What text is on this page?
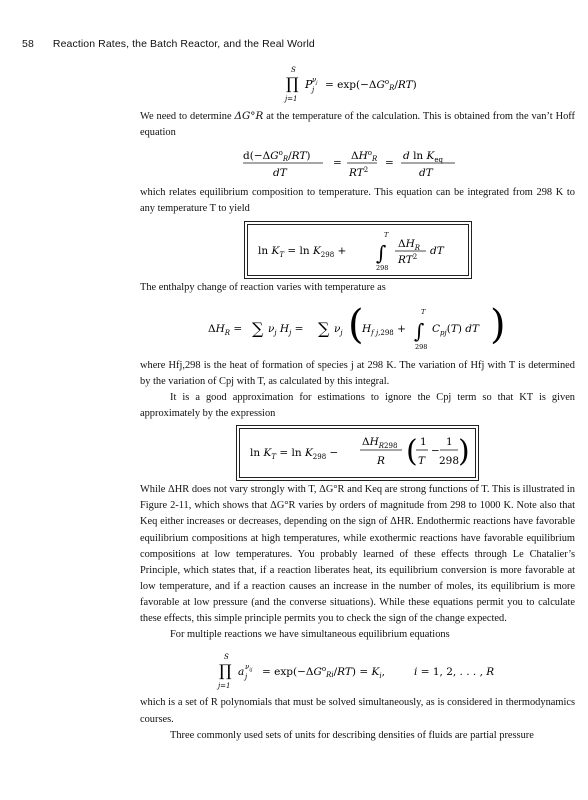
58 Reaction Rates, the Batch Reactor, and the Real World
S
∏
j=1
P ν j
$j = \exp(-\Delta G^o_R/RT)$

We need to determine ΔG°R at the temperature of the calculation. This is obtained from the van’t Hoff equation

$d(-\Delta G^o_R/RT)$
dT
=
$\Delta H^o_R$
$RT^2$
=
d $\ln K_{eq}$
dT

which relates equilibrium composition to temperature. This equation can be integrated from 298 K to any temperature T to yield

$\ln K_T = \ln K_{298}$ +
T
∫
298
$\Delta H_R$
$RT^2$ dT

The enthalpy change of reaction varies with temperature as

$\Delta H_R$ = ∑ $\nu_j$ $H_j$ = ∑ $\nu_j$ (
$H_{f j},298$ +
T
∫
298
$C_{pj}(T)$ dT )

where Hfj,298 is the heat of formation of species j at 298 K. The variation of Hfj with T is determined by the variation of Cpj with T, as calculated by this integral.

It is a good approximation for estimations to ignore the Cpj term so that KT is given approximately by the expression

$\ln K_T = \ln K_{298}$ −
$\Delta H_R298$
R ( 1
T
−
1
298
)

While ΔHR does not vary strongly with T, ΔG°R and Keq are strong functions of T. This is illustrated in Figure 2-11, which shows that ΔG°R varies by orders of magnitude from 298 to 1000 K. Note also that Keq either increases or decreases, depending on the sign of ΔHR. Endothermic reactions have favorable equilibrium compositions at high temperatures, while exothermic reactions have favorable equilibrium compositions at low temperatures. You probably learned of these effects through Le Chatalier’s Principle, which states that, if a reaction liberates heat, its equilibrium conversion is more favorable at low temperature, and if a reaction causes an increase in the number of moles, its equilibrium is more favorable at low pressure (and the converse situations). While these equations permit you to calculate these effects, this simple principle permits you to check the sign of the change expected.

For multiple reactions we have simultaneous equilibrium equations

S
∏
j=1
a $\nu_{ij}$
$j = \exp(-\Delta G^o_{Ri}/RT) = K_i$,	i = 1, 2, . . . , R

which is a set of R polynomials that must be solved simultaneously, as is considered in thermodynamics courses.

Three commonly used sets of units for describing densities of fluids are partial pressure
